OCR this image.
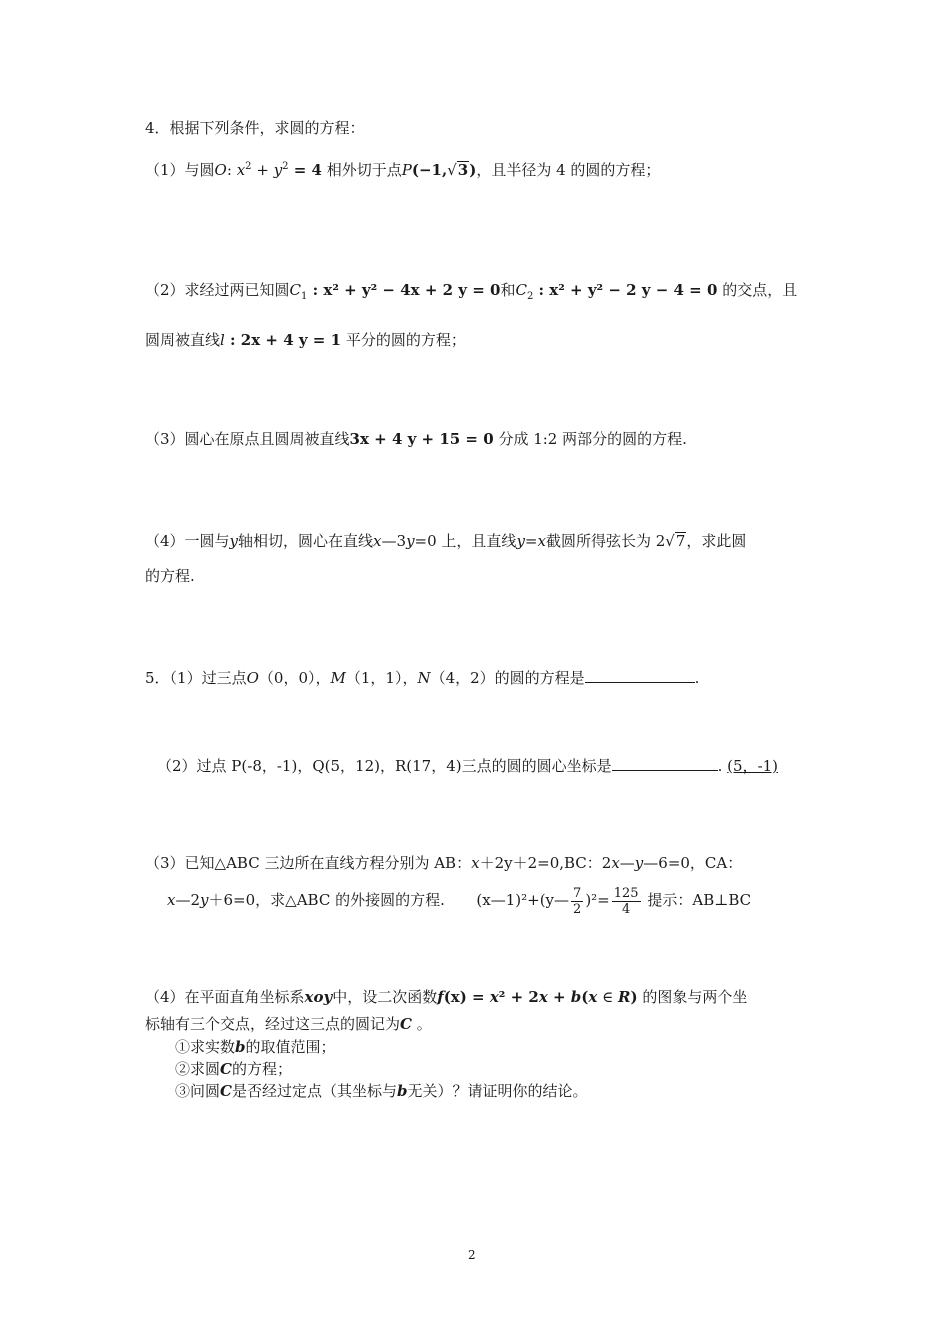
4．根据下列条件，求圆的方程：
（1）与圆O: $x^2 + y^2 = 4$ 相外切于点P(−1,√3)，且半径为 4 的圆的方程；
（2）求经过两已知圆$C_1$ : x² + y² − 4x + 2 y = 0和$C_2$ : x² + y² − 2 y − 4 = 0 的交点，且
圆周被直线l : 2x + 4 y = 1 平分的圆的方程；
（3）圆心在原点且圆周被直线3x + 4 y + 15 = 0 分成 1:2 两部分的圆的方程.
（4）一圆与y轴相切，圆心在直线x—3y=0 上，且直线y=x截圆所得弦长为 2√7，求此圆
的方程.
5．（1）过三点O（0，0），M（1，1），N（4，2）的圆的方程是	.
（2）过点 P(-8，-1)，Q(5，12)，R(17，4)三点的圆的圆心坐标是	. (5，-1)
（3）已知△ABC 三边所在直线方程分别为 AB：x＋2y＋2=0,BC：2x—y—6=0，CA：
x—2y＋6=0，求△ABC 的外接圆的方程. (x—1)²+(y— $\frac{7}{2} )^2= \frac{125}{4}$ 提示：AB⊥BC
（4）在平面直角坐标系xoy中，设二次函数f(x) = x² + 2x + b(x ∈ R) 的图象与两个坐
标轴有三个交点，经过这三点的圆记为C 。
①求实数b的取值范围；
②求圆C的方程；
③问圆C是否经过定点（其坐标与b无关）？请证明你的结论。
2
